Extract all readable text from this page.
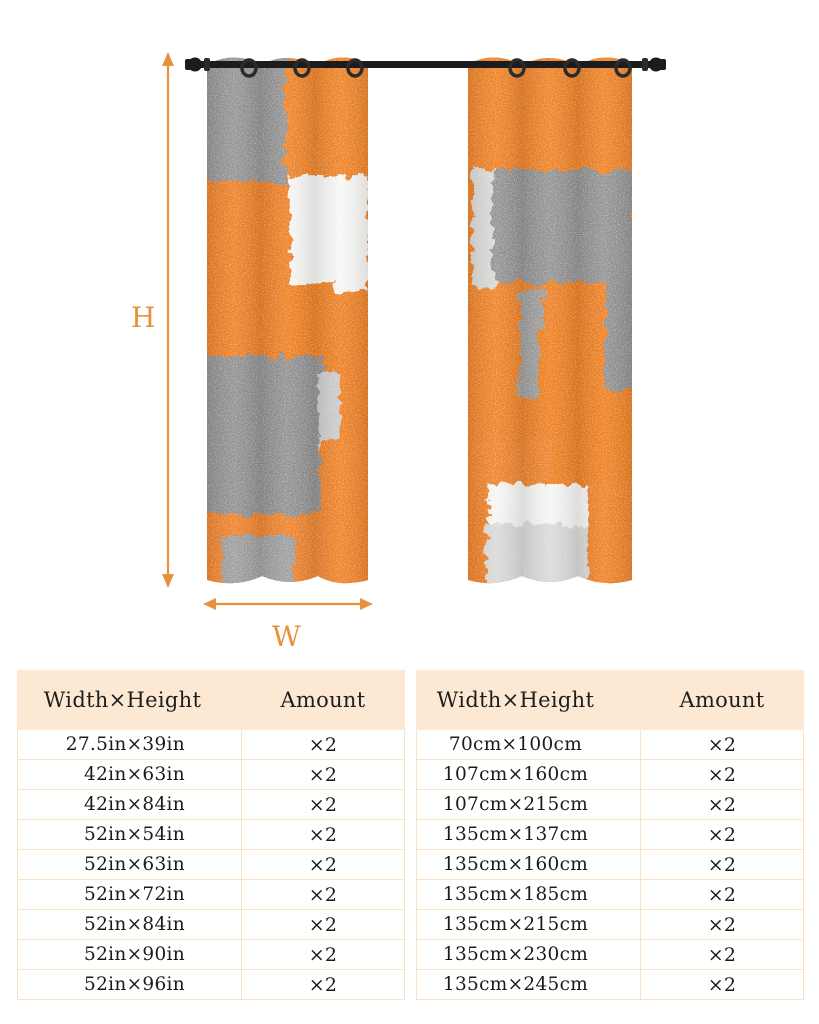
H
W
Width×Height	Amount
27.5in×39in	×2
42in×63in	×2
42in×84in	×2
52in×54in	×2
52in×63in	×2
52in×72in	×2
52in×84in	×2
52in×90in	×2
52in×96in	×2
Width×Height	Amount
70cm×100cm	×2
107cm×160cm	×2
107cm×215cm	×2
135cm×137cm	×2
135cm×160cm	×2
135cm×185cm	×2
135cm×215cm	×2
135cm×230cm	×2
135cm×245cm	×2
